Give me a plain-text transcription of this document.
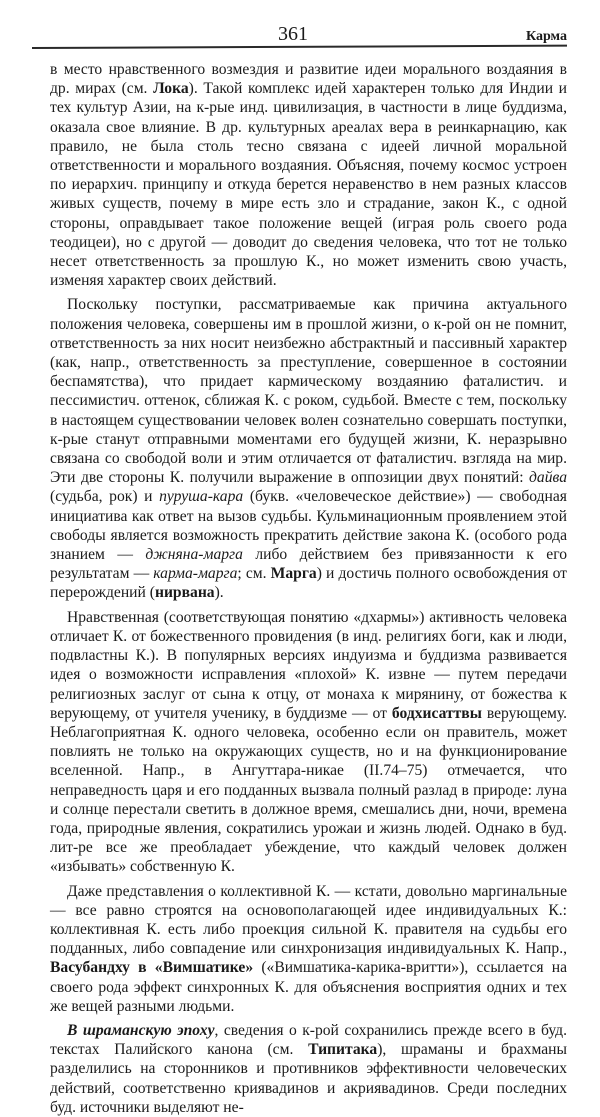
361	Карма

в место нравственного возмездия и развитие идеи морального воздаяния в др. мирах (см. Лока). Такой комплекс идей характерен только для Индии и тех культур Азии, на к-рые инд. цивилизация, в частности в лице буддизма, оказала свое влияние. В др. культурных ареалах вера в реинкарнацию, как правило, не была столь тесно связана с идеей личной моральной ответственности и морального воздаяния. Объясняя, почему космос устроен по иерархич. принципу и откуда берется неравенство в нем разных классов живых существ, почему в мире есть зло и страдание, закон К., с одной стороны, оправдывает такое положение вещей (играя роль своего рода теодицеи), но с другой — доводит до сведения человека, что тот не только несет ответственность за прошлую К., но может изменить свою участь, изменяя характер своих действий.

Поскольку поступки, рассматриваемые как причина актуального положения человека, совершены им в прошлой жизни, о к-рой он не помнит, ответственность за них носит неизбежно абстрактный и пассивный характер (как, напр., ответственность за преступление, совершенное в состоянии беспамятства), что придает кармическому воздаянию фаталистич. и пессимистич. оттенок, сближая К. с роком, судьбой. Вместе с тем, поскольку в настоящем существовании человек волен сознательно совершать поступки, к-рые станут отправными моментами его будущей жизни, К. неразрывно связана со свободой воли и этим отличается от фаталистич. взгляда на мир. Эти две стороны К. получили выражение в оппозиции двух понятий: дайва (судьба, рок) и пуруша-кара (букв. «человеческое действие») — свободная инициатива как ответ на вызов судьбы. Кульминационным проявлением этой свободы является возможность прекратить действие закона К. (особого рода знанием — джняна-марга либо действием без привязанности к его результатам — карма-марга; см. Марга) и достичь полного освобождения от перерождений (нирвана).

Нравственная (соответствующая понятию «дхармы») активность человека отличает К. от божественного провидения (в инд. религиях боги, как и люди, подвластны К.). В популярных версиях индуизма и буддизма развивается идея о возможности исправления «плохой» К. извне — путем передачи религиозных заслуг от сына к отцу, от монаха к мирянину, от божества к верующему, от учителя ученику, в буддизме — от бодхисаттвы верующему. Неблагоприятная К. одного человека, особенно если он правитель, может повлиять не только на окружающих существ, но и на функционирование вселенной. Напр., в Ангуттара-никае (II.74–75) отмечается, что неправедность царя и его подданных вызвала полный разлад в природе: луна и солнце перестали светить в должное время, смешались дни, ночи, времена года, природные явления, сократились урожаи и жизнь людей. Однако в буд. лит-ре все же преобладает убеждение, что каждый человек должен «избывать» собственную К.

Даже представления о коллективной К. — кстати, довольно маргинальные — все равно строятся на основополагающей идее индивидуальных К.: коллективная К. есть либо проекция сильной К. правителя на судьбы его подданных, либо совпадение или синхронизация индивидуальных К. Напр., Васубандху в «Вимшатике» («Вимшатика-карика-вритти»), ссылается на своего рода эффект синхронных К. для объяснения восприятия одних и тех же вещей разными людьми.

В шраманскую эпоху, сведения о к-рой сохранились прежде всего в буд. текстах Палийского канона (см. Типитака), шраманы и брахманы разделились на сторонников и противников эффективности человеческих действий, соответственно криявадинов и акриявадинов. Среди последних буд. источники выделяют не-
